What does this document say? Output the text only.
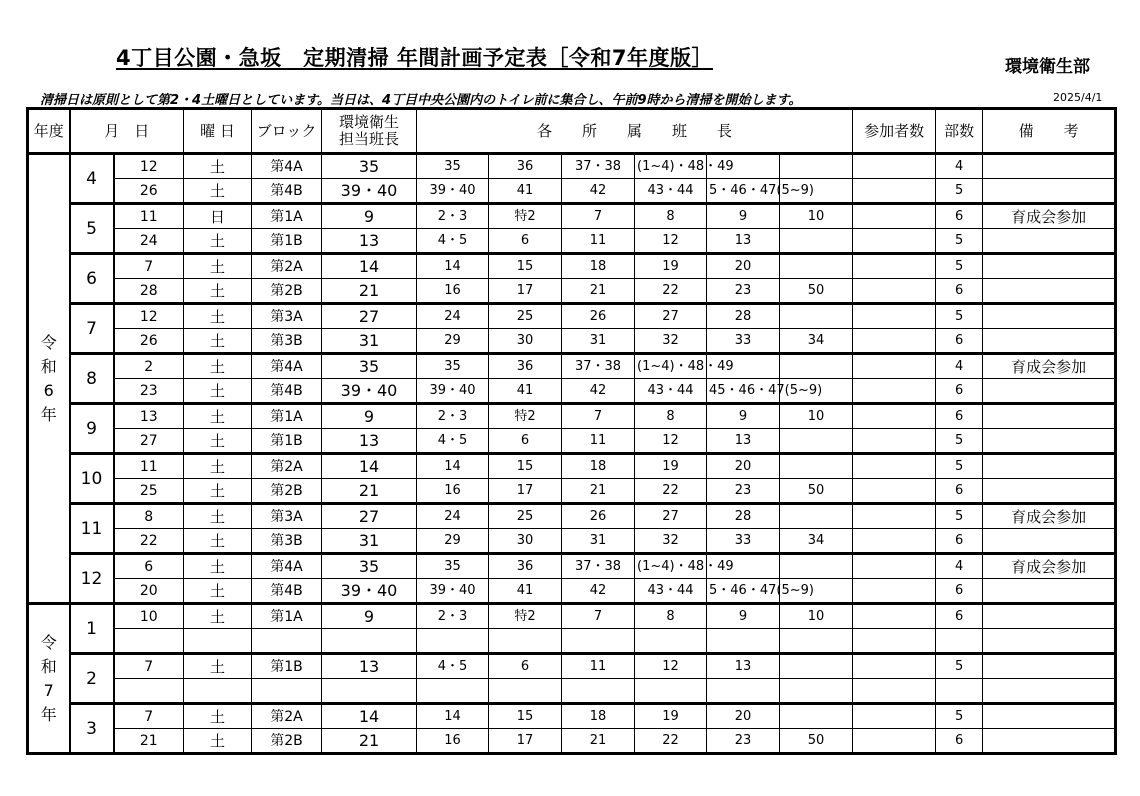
4丁目公園・急坂　定期清掃 年間計画予定表［令和7年度版］	環境衛生部
清掃日は原則として第2・4土曜日としています。当日は、4丁目中央公園内のトイレ前に集合し、午前9時から清掃を開始します。	2025/4/1
年度	月　日		曜 日	ブロック	環境衛生
担当班長	各　　所　　属　　班　　長						参加者数	部数	備　　考

令
和
6
年	4	12	土	第4A	35	35	36	37・38	(1~4)・48・49				4	
		26	土	第4B	39・40	39・40	41	42	43・44	5・46・47(5~9)			5	
	5	11	日	第1A	9	2・3	特2	7	8	9	10		6	育成会参加
		24	土	第1B	13	4・5	6	11	12	13			5	
	6	7	土	第2A	14	14	15	18	19	20			5	
		28	土	第2B	21	16	17	21	22	23	50		6	
	7	12	土	第3A	27	24	25	26	27	28			5	
		26	土	第3B	31	29	30	31	32	33	34		6	
	8	2	土	第4A	35	35	36	37・38	(1~4)・48・49				4	育成会参加
		23	土	第4B	39・40	39・40	41	42	43・44	45・46・47(5~9)			6	
	9	13	土	第1A	9	2・3	特2	7	8	9	10		6	
		27	土	第1B	13	4・5	6	11	12	13			5	
	10	11	土	第2A	14	14	15	18	19	20			5	
		25	土	第2B	21	16	17	21	22	23	50		6	
	11	8	土	第3A	27	24	25	26	27	28			5	育成会参加
		22	土	第3B	31	29	30	31	32	33	34		6	
	12	6	土	第4A	35	35	36	37・38	(1~4)・48・49				4	育成会参加
		20	土	第4B	39・40	39・40	41	42	43・44	5・46・47(5~9)			6	

令
和
7
年	1	10	土	第1A	9	2・3	特2	7	8	9	10		6	

	2	7	土	第1B	13	4・5	6	11	12	13			5	

	3	7	土	第2A	14	14	15	18	19	20			5	
		21	土	第2B	21	16	17	21	22	23	50		6	
